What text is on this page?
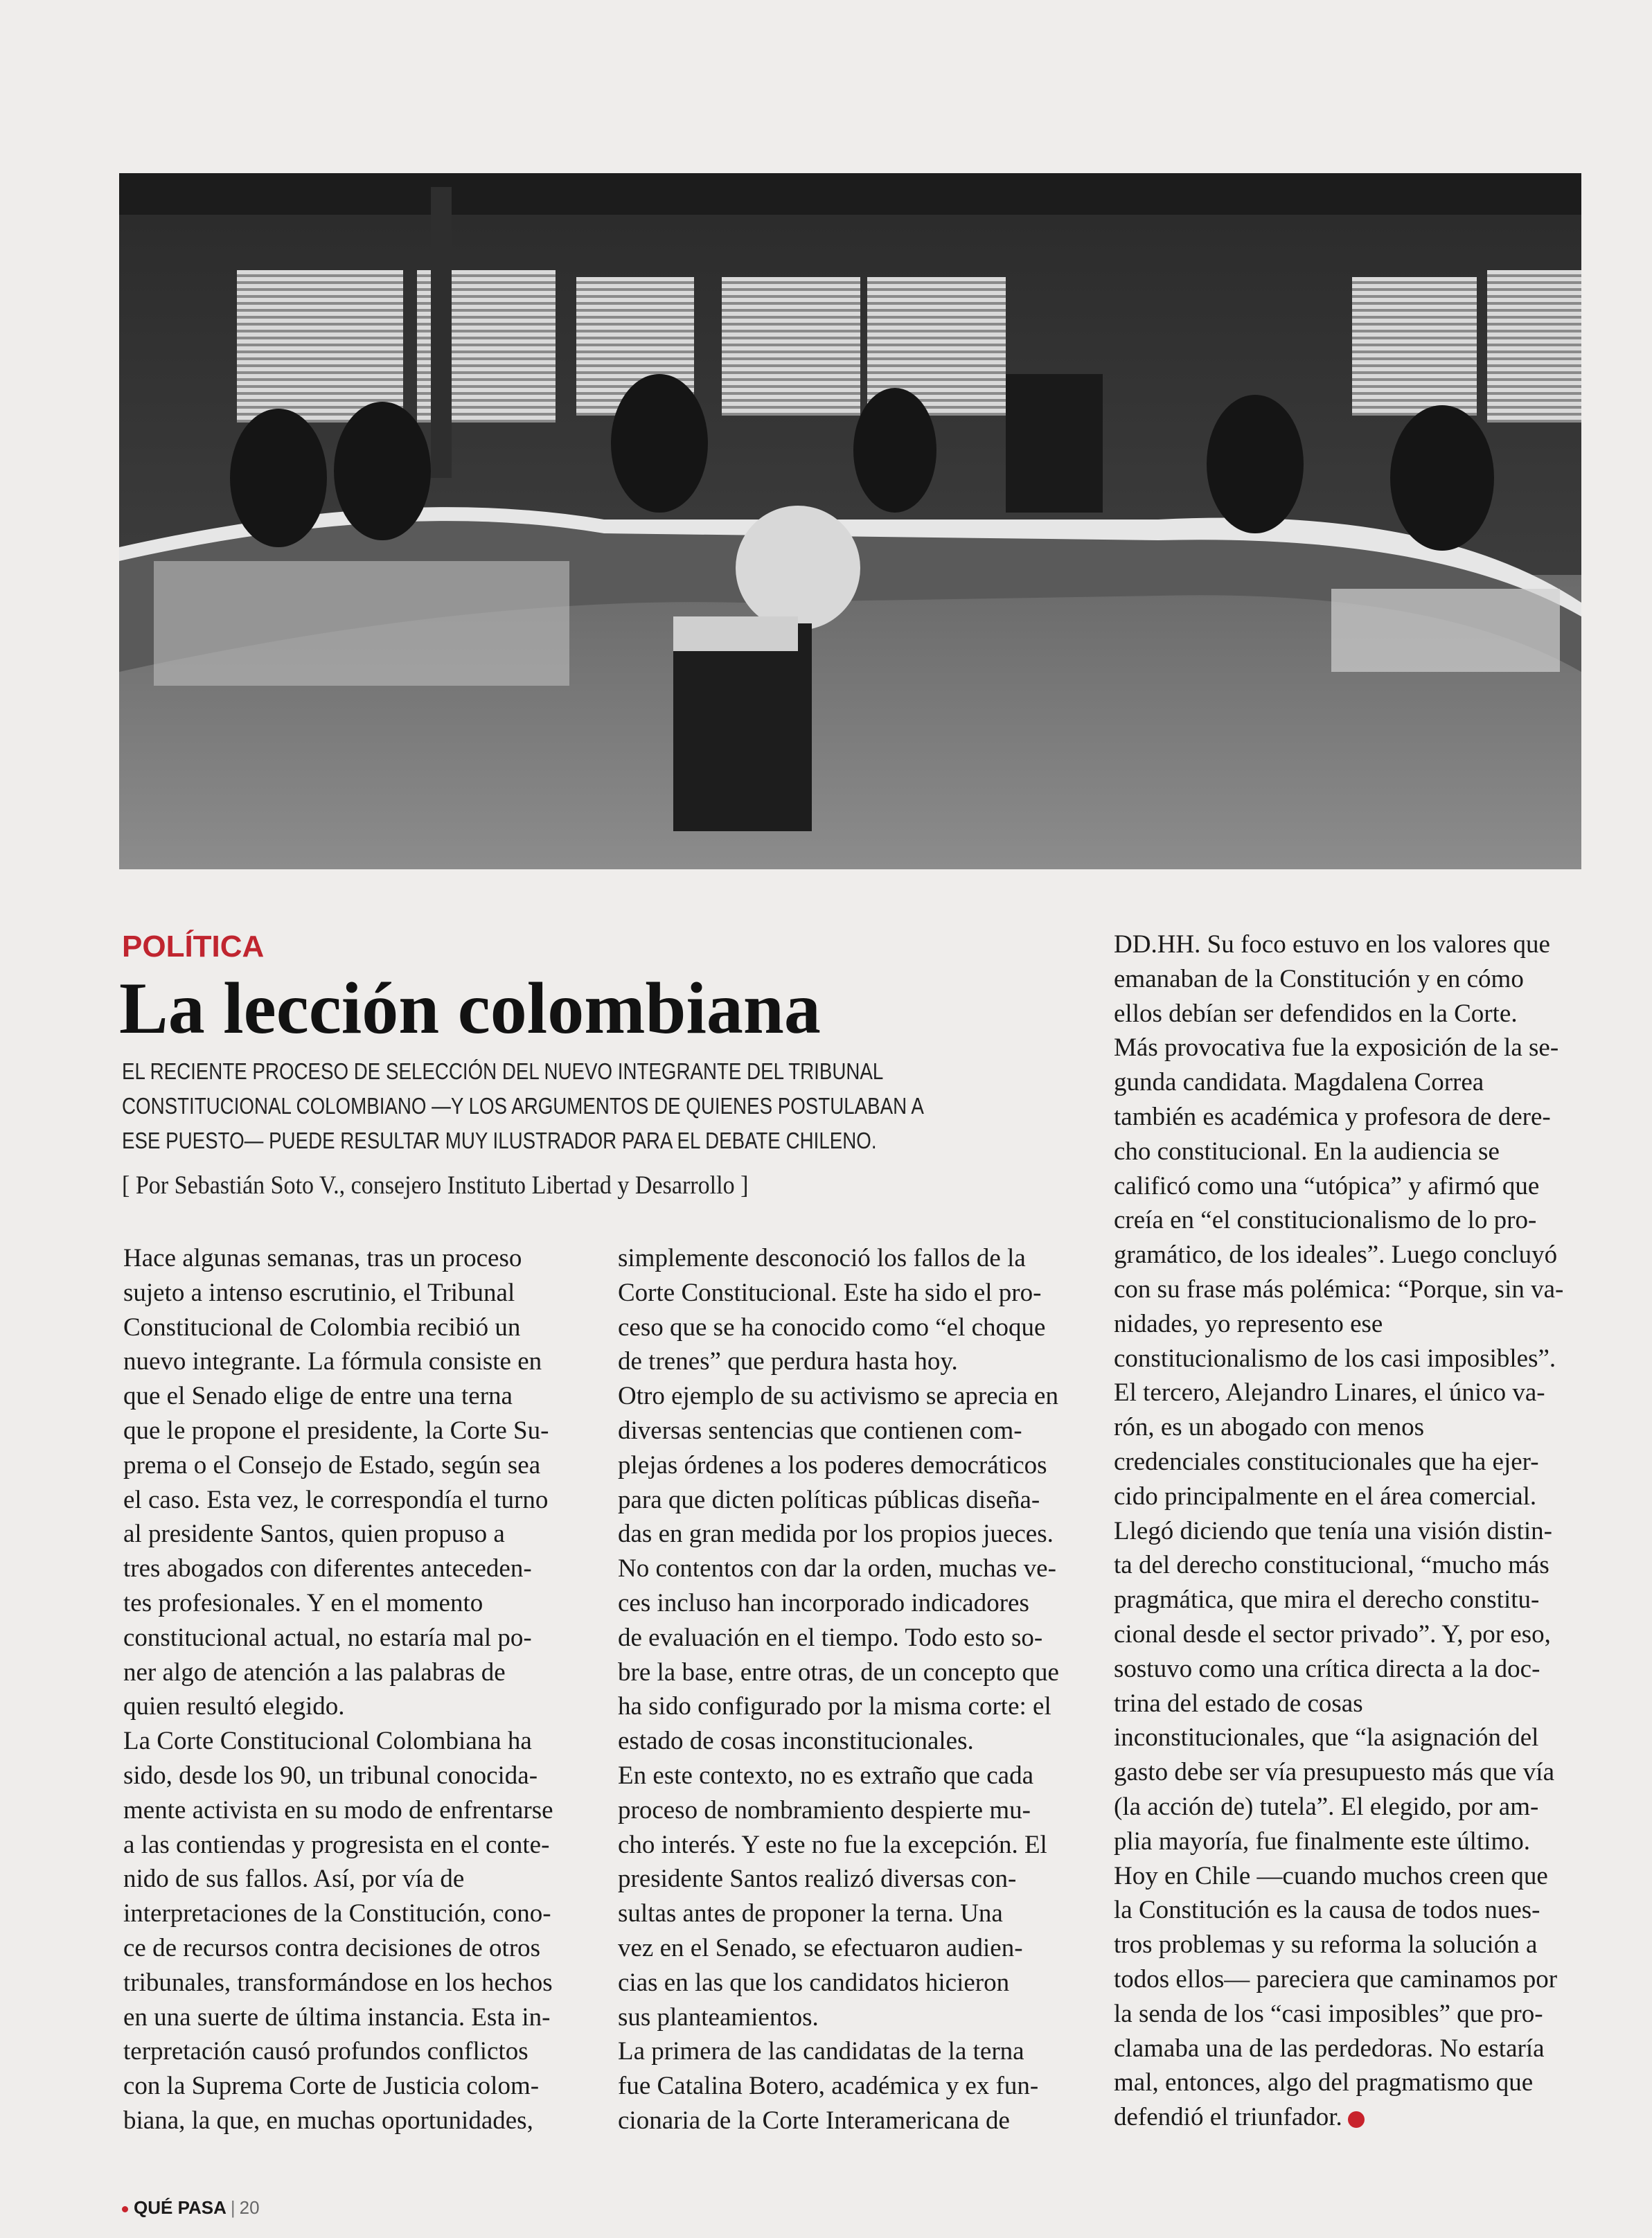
POLÍTICA
La lección colombiana
EL RECIENTE PROCESO DE SELECCIÓN DEL NUEVO INTEGRANTE DEL TRIBUNAL
CONSTITUCIONAL COLOMBIANO —Y LOS ARGUMENTOS DE QUIENES POSTULABAN A
ESE PUESTO— PUEDE RESULTAR MUY ILUSTRADOR PARA EL DEBATE CHILENO.
[ Por Sebastián Soto V., consejero Instituto Libertad y Desarrollo ]
Hace algunas semanas, tras un proceso
sujeto a intenso escrutinio, el Tribunal
Constitucional de Colombia recibió un
nuevo integrante. La fórmula consiste en
que el Senado elige de entre una terna
que le propone el presidente, la Corte Su-
prema o el Consejo de Estado, según sea
el caso. Esta vez, le correspondía el turno
al presidente Santos, quien propuso a
tres abogados con diferentes anteceden-
tes profesionales. Y en el momento
constitucional actual, no estaría mal po-
ner algo de atención a las palabras de
quien resultó elegido.
La Corte Constitucional Colombiana ha
sido, desde los 90, un tribunal conocida-
mente activista en su modo de enfrentarse
a las contiendas y progresista en el conte-
nido de sus fallos. Así, por vía de
interpretaciones de la Constitución, cono-
ce de recursos contra decisiones de otros
tribunales, transformándose en los hechos
en una suerte de última instancia. Esta in-
terpretación causó profundos conflictos
con la Suprema Corte de Justicia colom-
biana, la que, en muchas oportunidades,
simplemente desconoció los fallos de la
Corte Constitucional. Este ha sido el pro-
ceso que se ha conocido como “el choque
de trenes” que perdura hasta hoy.
Otro ejemplo de su activismo se aprecia en
diversas sentencias que contienen com-
plejas órdenes a los poderes democráticos
para que dicten políticas públicas diseña-
das en gran medida por los propios jueces.
No contentos con dar la orden, muchas ve-
ces incluso han incorporado indicadores
de evaluación en el tiempo. Todo esto so-
bre la base, entre otras, de un concepto que
ha sido configurado por la misma corte: el
estado de cosas inconstitucionales.
En este contexto, no es extraño que cada
proceso de nombramiento despierte mu-
cho interés. Y este no fue la excepción. El
presidente Santos realizó diversas con-
sultas antes de proponer la terna. Una
vez en el Senado, se efectuaron audien-
cias en las que los candidatos hicieron
sus planteamientos.
La primera de las candidatas de la terna
fue Catalina Botero, académica y ex fun-
cionaria de la Corte Interamericana de
DD.HH. Su foco estuvo en los valores que
emanaban de la Constitución y en cómo
ellos debían ser defendidos en la Corte.
Más provocativa fue la exposición de la se-
gunda candidata. Magdalena Correa
también es académica y profesora de dere-
cho constitucional. En la audiencia se
calificó como una “utópica” y afirmó que
creía en “el constitucionalismo de lo pro-
gramático, de los ideales”. Luego concluyó
con su frase más polémica: “Porque, sin va-
nidades, yo represento ese
constitucionalismo de los casi imposibles”.
El tercero, Alejandro Linares, el único va-
rón, es un abogado con menos
credenciales constitucionales que ha ejer-
cido principalmente en el área comercial.
Llegó diciendo que tenía una visión distin-
ta del derecho constitucional, “mucho más
pragmática, que mira el derecho constitu-
cional desde el sector privado”. Y, por eso,
sostuvo como una crítica directa a la doc-
trina del estado de cosas
inconstitucionales, que “la asignación del
gasto debe ser vía presupuesto más que vía
(la acción de) tutela”. El elegido, por am-
plia mayoría, fue finalmente este último.
Hoy en Chile —cuando muchos creen que
la Constitución es la causa de todos nues-
tros problemas y su reforma la solución a
todos ellos— pareciera que caminamos por
la senda de los “casi imposibles” que pro-
clamaba una de las perdedoras. No estaría
mal, entonces, algo del pragmatismo que
defendió el triunfador.
QUÉ PASA | 20
